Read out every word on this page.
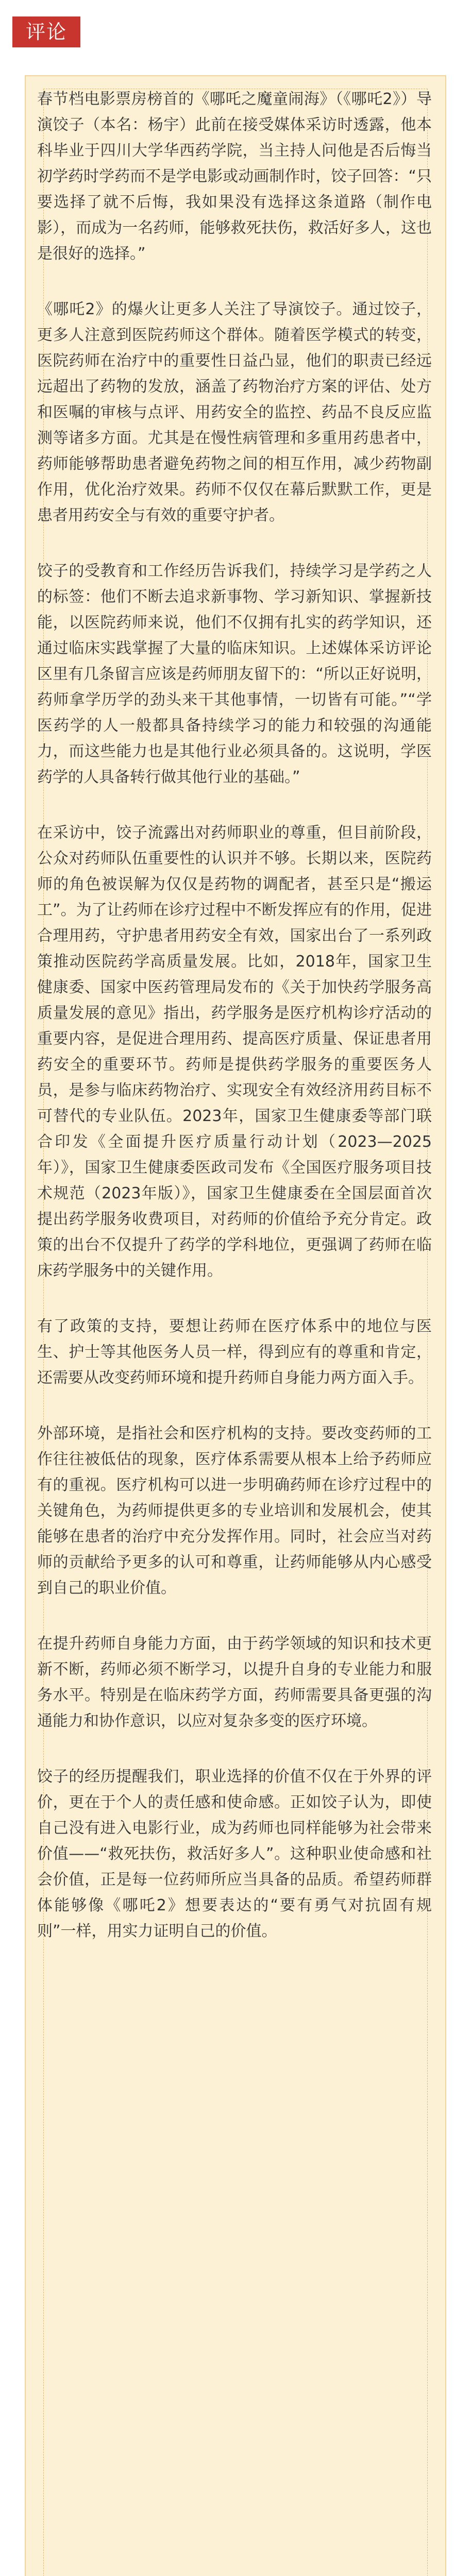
评论

春节档电影票房榜首的《哪吒之魔童闹海》（《哪吒2》）导演饺子（本名：杨宇）此前在接受媒体采访时透露，他本科毕业于四川大学华西药学院，当主持人问他是否后悔当初学药时学药而不是学电影或动画制作时，饺子回答：“只要选择了就不后悔，我如果没有选择这条道路（制作电影），而成为一名药师，能够救死扶伤，救活好多人，这也是很好的选择。”

《哪吒2》的爆火让更多人关注了导演饺子。通过饺子，更多人注意到医院药师这个群体。随着医学模式的转变，医院药师在治疗中的重要性日益凸显，他们的职责已经远远超出了药物的发放，涵盖了药物治疗方案的评估、处方和医嘱的审核与点评、用药安全的监控、药品不良反应监测等诸多方面。尤其是在慢性病管理和多重用药患者中，药师能够帮助患者避免药物之间的相互作用，减少药物副作用，优化治疗效果。药师不仅仅在幕后默默工作，更是患者用药安全与有效的重要守护者。

饺子的受教育和工作经历告诉我们，持续学习是学药之人的标签：他们不断去追求新事物、学习新知识、掌握新技能，以医院药师来说，他们不仅拥有扎实的药学知识，还通过临床实践掌握了大量的临床知识。上述媒体采访评论区里有几条留言应该是药师朋友留下的：“所以正好说明，药师拿学历学的劲头来干其他事情，一切皆有可能。”“学医药学的人一般都具备持续学习的能力和较强的沟通能力，而这些能力也是其他行业必须具备的。这说明，学医药学的人具备转行做其他行业的基础。”

在采访中，饺子流露出对药师职业的尊重，但目前阶段，公众对药师队伍重要性的认识并不够。长期以来，医院药师的角色被误解为仅仅是药物的调配者，甚至只是“搬运工”。为了让药师在诊疗过程中不断发挥应有的作用，促进合理用药，守护患者用药安全有效，国家出台了一系列政策推动医院药学高质量发展。比如，2018年，国家卫生健康委、国家中医药管理局发布的《关于加快药学服务高质量发展的意见》指出，药学服务是医疗机构诊疗活动的重要内容，是促进合理用药、提高医疗质量、保证患者用药安全的重要环节。药师是提供药学服务的重要医务人员，是参与临床药物治疗、实现安全有效经济用药目标不可替代的专业队伍。2023年，国家卫生健康委等部门联合印发《全面提升医疗质量行动计划（2023—2025年）》，国家卫生健康委医政司发布《全国医疗服务项目技术规范（2023年版）》，国家卫生健康委在全国层面首次提出药学服务收费项目，对药师的价值给予充分肯定。政策的出台不仅提升了药学的学科地位，更强调了药师在临床药学服务中的关键作用。

有了政策的支持，要想让药师在医疗体系中的地位与医生、护士等其他医务人员一样，得到应有的尊重和肯定，还需要从改变药师环境和提升药师自身能力两方面入手。

外部环境，是指社会和医疗机构的支持。要改变药师的工作往往被低估的现象，医疗体系需要从根本上给予药师应有的重视。医疗机构可以进一步明确药师在诊疗过程中的关键角色，为药师提供更多的专业培训和发展机会，使其能够在患者的治疗中充分发挥作用。同时，社会应当对药师的贡献给予更多的认可和尊重，让药师能够从内心感受到自己的职业价值。

在提升药师自身能力方面，由于药学领域的知识和技术更新不断，药师必须不断学习，以提升自身的专业能力和服务水平。特别是在临床药学方面，药师需要具备更强的沟通能力和协作意识，以应对复杂多变的医疗环境。

饺子的经历提醒我们，职业选择的价值不仅在于外界的评价，更在于个人的责任感和使命感。正如饺子认为，即使自己没有进入电影行业，成为药师也同样能够为社会带来价值——“救死扶伤，救活好多人”。这种职业使命感和社会价值，正是每一位药师所应当具备的品质。希望药师群体能够像《哪吒2》想要表达的“要有勇气对抗固有规则”一样，用实力证明自己的价值。
